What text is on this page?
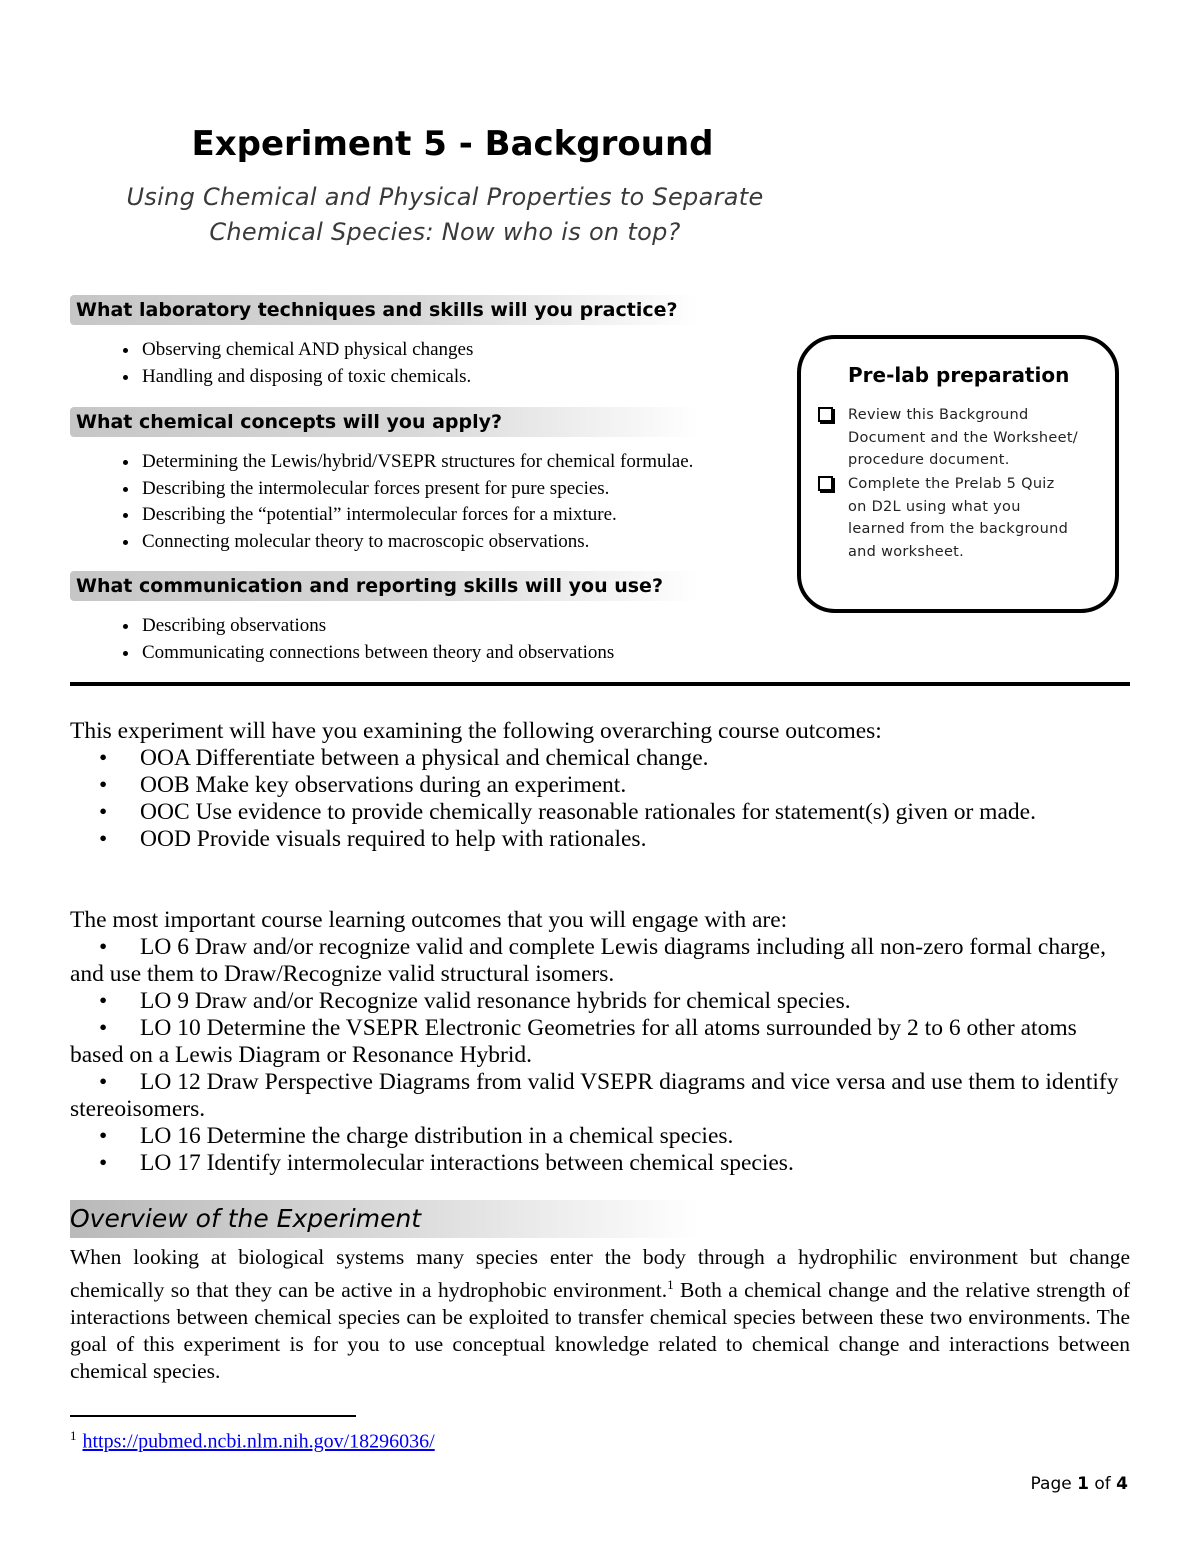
Experiment 5 - Background
Using Chemical and Physical Properties to Separate
Chemical Species: Now who is on top?
What laboratory techniques and skills will you practice?
• Observing chemical AND physical changes
• Handling and disposing of toxic chemicals.
What chemical concepts will you apply?
• Determining the Lewis/hybrid/VSEPR structures for chemical formulae.
• Describing the intermolecular forces present for pure species.
• Describing the “potential” intermolecular forces for a mixture.
• Connecting molecular theory to macroscopic observations.
What communication and reporting skills will you use?
• Describing observations
• Communicating connections between theory and observations
Pre-lab preparation
Review this Background Document and the Worksheet/ procedure document.
Complete the Prelab 5 Quiz on D2L using what you learned from the background and worksheet.
This experiment will have you examining the following overarching course outcomes:
• OOA Differentiate between a physical and chemical change.
• OOB Make key observations during an experiment.
• OOC Use evidence to provide chemically reasonable rationales for statement(s) given or made.
• OOD Provide visuals required to help with rationales.
The most important course learning outcomes that you will engage with are:
• LO 6 Draw and/or recognize valid and complete Lewis diagrams including all non-zero formal charge, and use them to Draw/Recognize valid structural isomers.
• LO 9 Draw and/or Recognize valid resonance hybrids for chemical species.
• LO 10 Determine the VSEPR Electronic Geometries for all atoms surrounded by 2 to 6 other atoms based on a Lewis Diagram or Resonance Hybrid.
• LO 12 Draw Perspective Diagrams from valid VSEPR diagrams and vice versa and use them to identify stereoisomers.
• LO 16 Determine the charge distribution in a chemical species.
• LO 17 Identify intermolecular interactions between chemical species.
Overview of the Experiment
When looking at biological systems many species enter the body through a hydrophilic environment but change chemically so that they can be active in a hydrophobic environment.$^1$ Both a chemical change and the relative strength of interactions between chemical species can be exploited to transfer chemical species between these two environments. The goal of this experiment is for you to use conceptual knowledge related to chemical change and interactions between chemical species.
$^1$ https://pubmed.ncbi.nlm.nih.gov/18296036/
Page 1 of 4
